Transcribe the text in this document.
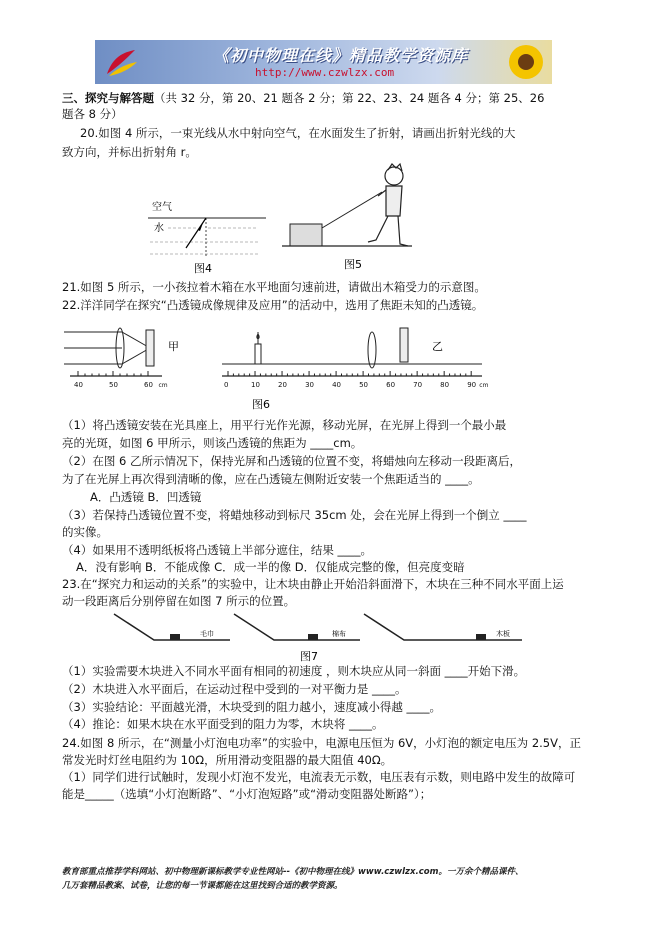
《初中物理在线》精品教学资源库
http://www.czwlzx.com
三、探究与解答题（共 32 分，第 20、21 题各 2 分；第 22、23、24 题各 4 分；第 25、26
题各 8 分）
20.如图 4 所示，一束光线从水中射向空气，在水面发生了折射，请画出折射光线的大
致方向，并标出折射角 r。
空气
水
图4	图5
21.如图 5 所示，一小孩拉着木箱在水平地面匀速前进，请做出木箱受力的示意图。
22.洋洋同学在探究“凸透镜成像规律及应用”的活动中，选用了焦距未知的凸透镜。
甲
40	50	60 cm
乙
0	10	20	30	40	50	60	70	80	90 cm
图6
（1）将凸透镜安装在光具座上，用平行光作光源，移动光屏，在光屏上得到一个最小最
亮的光斑，如图 6 甲所示，则该凸透镜的焦距为 ____cm。
（2）在图 6 乙所示情况下，保持光屏和凸透镜的位置不变，将蜡烛向左移动一段距离后，
为了在光屏上再次得到清晰的像，应在凸透镜左侧附近安装一个焦距适当的 ____。
A．凸透镜 B．凹透镜
（3）若保持凸透镜位置不变，将蜡烛移动到标尺 35cm 处，会在光屏上得到一个倒立 ____
的实像。
（4）如果用不透明纸板将凸透镜上半部分遮住，结果 ____。
A．没有影响 B．不能成像 C．成一半的像 D．仅能成完整的像，但亮度变暗
23.在“探究力和运动的关系”的实验中，让木块由静止开始沿斜面滑下，木块在三种不同水平面上运
动一段距离后分别停留在如图 7 所示的位置。
毛巾	棉布	木板
图7
（1）实验需要木块进入不同水平面有相同的初速度 ，则木块应从同一斜面 ____开始下滑。
（2）木块进入水平面后，在运动过程中受到的一对平衡力是 ____。
（3）实验结论：平面越光滑，木块受到的阻力越小，速度减小得越 ____。
（4）推论：如果木块在水平面受到的阻力为零，木块将 ____。
24.如图 8 所示，在“测量小灯泡电功率”的实验中，电源电压恒为 6V，小灯泡的额定电压为 2.5V，正
常发光时灯丝电阻约为 10Ω，所用滑动变阻器的最大阻值 40Ω。
（1）同学们进行试触时，发现小灯泡不发光，电流表无示数，电压表有示数，则电路中发生的故障可
能是_____（选填“小灯泡断路”、“小灯泡短路”或“滑动变阻器处断路”）；
教育部重点推荐学科网站、初中物理新课标教学专业性网站--《初中物理在线》www.czwlzx.com。一万余个精品课件、
几万套精品教案、试卷，让您的每一节课都能在这里找到合适的教学资源。
